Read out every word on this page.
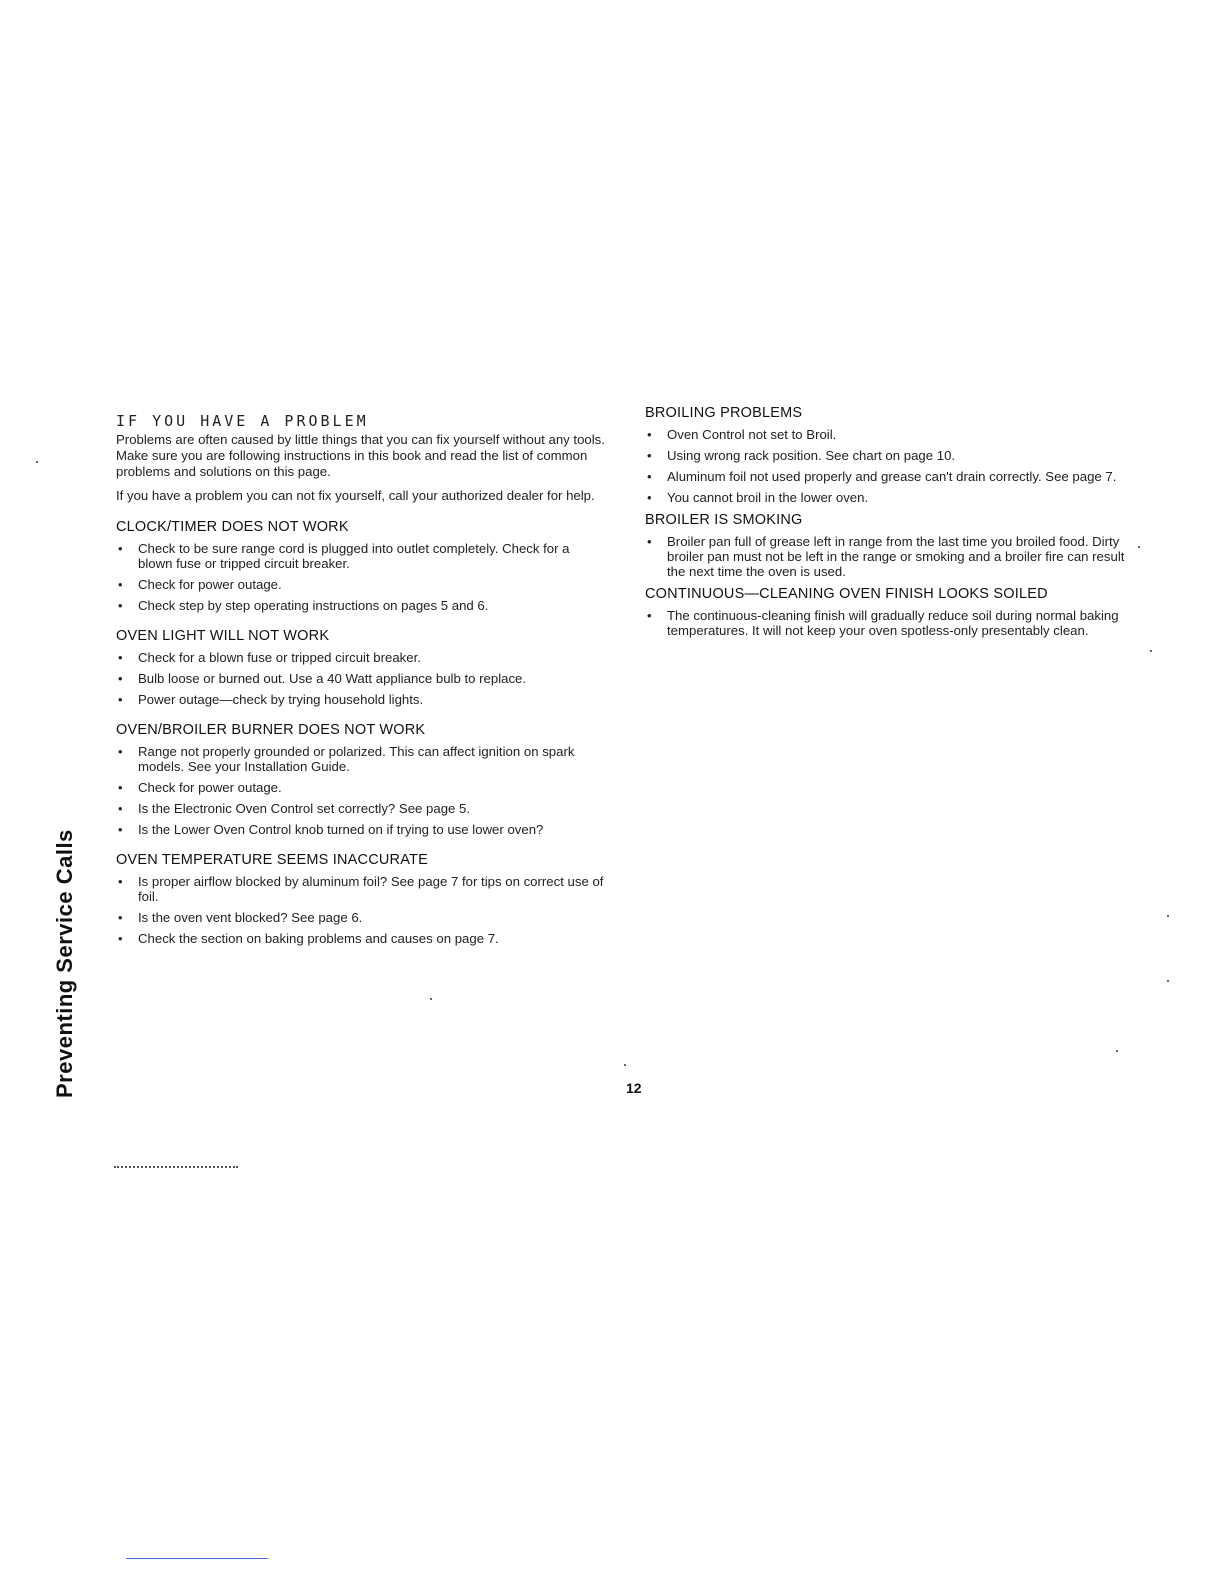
Preventing Service Calls
IF YOU HAVE A PROBLEM

Problems are often caused by little things that you can fix yourself without any tools. Make sure you are following instructions in this book and read the list of common problems and solutions on this page.

If you have a problem you can not fix yourself, call your authorized dealer for help.

CLOCK/TIMER DOES NOT WORK
• Check to be sure range cord is plugged into outlet completely. Check for a blown fuse or tripped circuit breaker.
• Check for power outage.
• Check step by step operating instructions on pages 5 and 6.
OVEN LIGHT WILL NOT WORK
• Check for a blown fuse or tripped circuit breaker.
• Bulb loose or burned out. Use a 40 Watt appliance bulb to replace.
• Power outage—check by trying household lights.
OVEN/BROILER BURNER DOES NOT WORK
• Range not properly grounded or polarized. This can affect ignition on spark models. See your Installation Guide.
• Check for power outage.
• Is the Electronic Oven Control set correctly? See page 5.
• Is the Lower Oven Control knob turned on if trying to use lower oven?
OVEN TEMPERATURE SEEMS INACCURATE
• Is proper airflow blocked by aluminum foil? See page 7 for tips on correct use of foil.
• Is the oven vent blocked? See page 6.
• Check the section on baking problems and causes on page 7.
BROILING PROBLEMS
• Oven Control not set to Broil.
• Using wrong rack position. See chart on page 10.
• Aluminum foil not used properly and grease can't drain correctly. See page 7.
• You cannot broil in the lower oven.
BROILER IS SMOKING
• Broiler pan full of grease left in range from the last time you broiled food. Dirty broiler pan must not be left in the range or smoking and a broiler fire can result the next time the oven is used.
CONTINUOUS—CLEANING OVEN FINISH LOOKS SOILED
• The continuous-cleaning finish will gradually reduce soil during normal baking temperatures. It will not keep your oven spotless-only presentably clean.
12
